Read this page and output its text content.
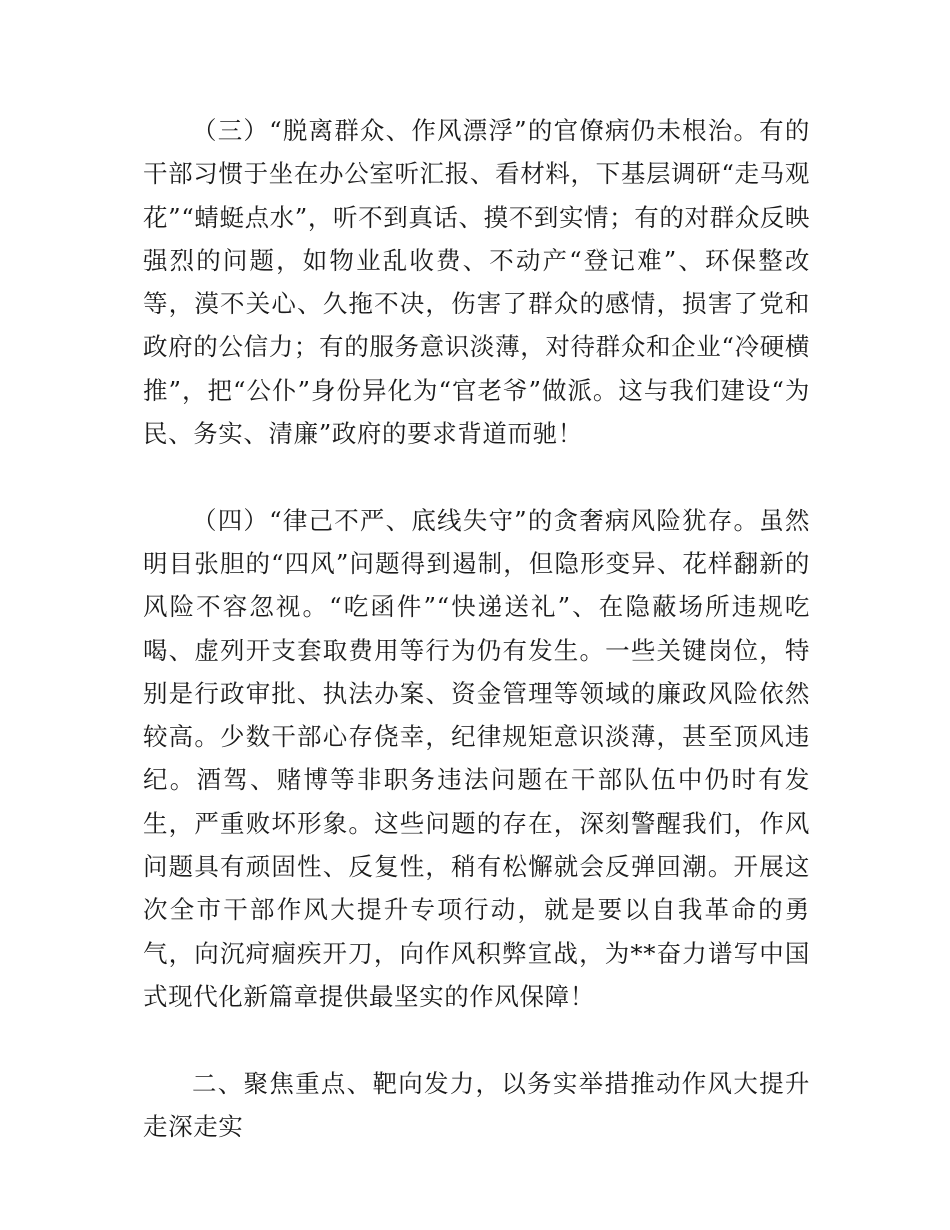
（三）“脱离群众、作风漂浮”的官僚病仍未根治。有的干部习惯于坐在办公室听汇报、看材料，下基层调研“走马观花”“蜻蜓点水”，听不到真话、摸不到实情；有的对群众反映强烈的问题，如物业乱收费、不动产“登记难”、环保整改等，漠不关心、久拖不决，伤害了群众的感情，损害了党和政府的公信力；有的服务意识淡薄，对待群众和企业“冷硬横推”，把“公仆”身份异化为“官老爷”做派。这与我们建设“为民、务实、清廉”政府的要求背道而驰！

（四）“律己不严、底线失守”的贪奢病风险犹存。虽然明目张胆的“四风”问题得到遏制，但隐形变异、花样翻新的风险不容忽视。“吃函件”“快递送礼”、在隐蔽场所违规吃喝、虚列开支套取费用等行为仍有发生。一些关键岗位，特别是行政审批、执法办案、资金管理等领域的廉政风险依然较高。少数干部心存侥幸，纪律规矩意识淡薄，甚至顶风违纪。酒驾、赌博等非职务违法问题在干部队伍中仍时有发生，严重败坏形象。这些问题的存在，深刻警醒我们，作风问题具有顽固性、反复性，稍有松懈就会反弹回潮。开展这次全市干部作风大提升专项行动，就是要以自我革命的勇气，向沉疴痼疾开刀，向作风积弊宣战，为**奋力谱写中国式现代化新篇章提供最坚实的作风保障！

二、聚焦重点、靶向发力，以务实举措推动作风大提升走深走实
